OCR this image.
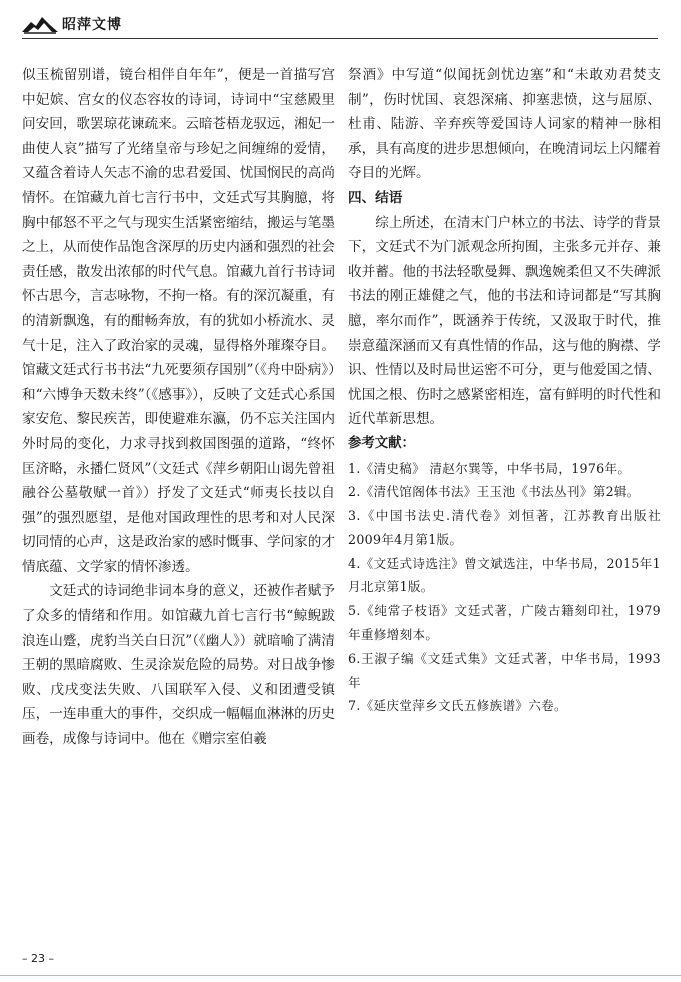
昭萍文博

似玉梳留别谱，镜台相伴自年年”，便是一首描写宫中妃嫔、宫女的仪态容妆的诗词，诗词中“宝慈殿里问安回，歌罢琼花谏疏来。云暗苍梧龙驭远，湘妃一曲使人哀”描写了光绪皇帝与珍妃之间缠绵的爱情，又蕴含着诗人矢志不渝的忠君爱国、忧国悯民的高尚情怀。在馆藏九首七言行书中，文廷式写其胸臆，将胸中郁怒不平之气与现实生活紧密缩结，搬运与笔墨之上，从而使作品饱含深厚的历史内涵和强烈的社会责任感，散发出浓郁的时代气息。馆藏九首行书诗词怀古思今，言志咏物，不拘一格。有的深沉凝重，有的清新飘逸，有的酣畅奔放，有的犹如小桥流水、灵气十足，注入了政治家的灵魂，显得格外璀璨夺目。馆藏文廷式行书书法“九死要须存国别”（《舟中卧病》）和“六博争天数未终”（《感事》），反映了文廷式心系国家安危、黎民疾苦，即使避难东瀛，仍不忘关注国内外时局的变化，力求寻找到救国图强的道路，“终怀匡济略，永播仁贤风”（文廷式《萍乡朝阳山谒先曾祖融谷公墓敬赋一首》）抒发了文廷式“师夷长技以自强”的强烈愿望，是他对国政理性的思考和对人民深切同情的心声，这是政治家的感时慨事、学问家的才情底蕴、文学家的情怀渗透。

文廷式的诗词绝非词本身的意义，还被作者赋予了众多的情绪和作用。如馆藏九首七言行书“鲸鲵跋浪连山蹙，虎豹当关白日沉”（《幽人》）就暗喻了满清王朝的黑暗腐败、生灵涂炭危险的局势。对日战争惨败、戊戌变法失败、八国联军入侵、义和团遭受镇压，一连串重大的事件，交织成一幅幅血淋淋的历史画卷，成像与诗词中。他在《赠宗室伯羲

祭酒》中写道“似闻抚剑忧边塞”和“未敢劝君焚支制”，伤时忧国、哀怨深痛、抑塞悲愤，这与屈原、杜甫、陆游、辛弃疾等爱国诗人词家的精神一脉相承，具有高度的进步思想倾向，在晚清词坛上闪耀着夺目的光辉。

四、结语

综上所述，在清末门户林立的书法、诗学的背景下，文廷式不为门派观念所拘囿，主张多元并存、兼收并蓄。他的书法轻歌曼舞、飘逸婉柔但又不失碑派书法的刚正雄健之气，他的书法和诗词都是“写其胸臆，率尔而作”，既涵养于传统，又汲取于时代，推崇意蕴深涵而又有真性情的作品，这与他的胸襟、学识、性情以及时局世运密不可分，更与他爱国之情、忧国之根、伤时之感紧密相连，富有鲜明的时代性和近代革新思想。

参考文献：

1.《清史稿》 清赵尔巽等，中华书局，1976年。

2.《清代馆阁体书法》王玉池《书法丛刊》第2辑。

3.《中国书法史.清代卷》刘恒著，江苏教育出版社2009年4月第1版。

4.《文廷式诗选注》曾文斌选注，中华书局，2015年1月北京第1版。

5.《纯常子枝语》文廷式著，广陵古籍刻印社，1979年重修增刻本。

6.王淑子编《文廷式集》文廷式著，中华书局，1993年

7.《延庆堂萍乡文氏五修族谱》六卷。

– 23 –
